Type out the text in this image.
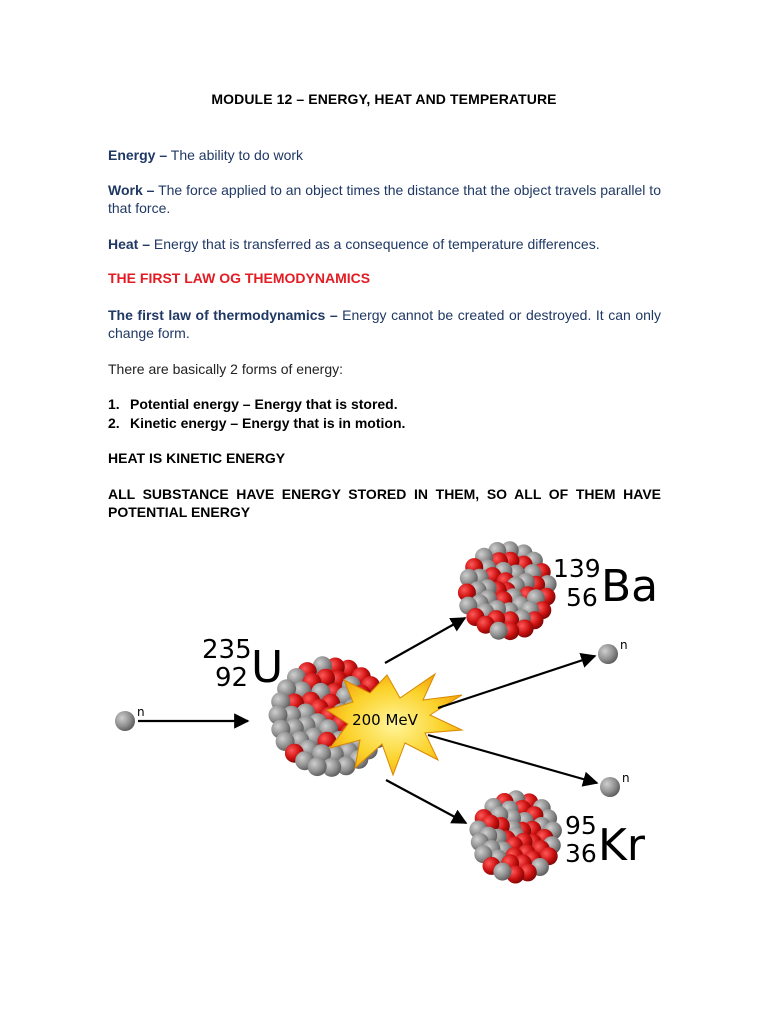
MODULE 12 – ENERGY, HEAT AND TEMPERATURE
Energy – The ability to do work
Work – The force applied to an object times the distance that the object travels parallel to that force.
Heat – Energy that is transferred as a consequence of temperature differences.
THE FIRST LAW OG THEMODYNAMICS
The first law of thermodynamics – Energy cannot be created or destroyed. It can only change form.
There are basically 2 forms of energy:
1. Potential energy – Energy that is stored.
2. Kinetic energy – Energy that is in motion.
HEAT IS KINETIC ENERGY
ALL SUBSTANCE HAVE ENERGY STORED IN THEM, SO ALL OF THEM HAVE POTENTIAL ENERGY
n
235
92 U
200 MeV
139
56 Ba
95
36 Kr
n
n
